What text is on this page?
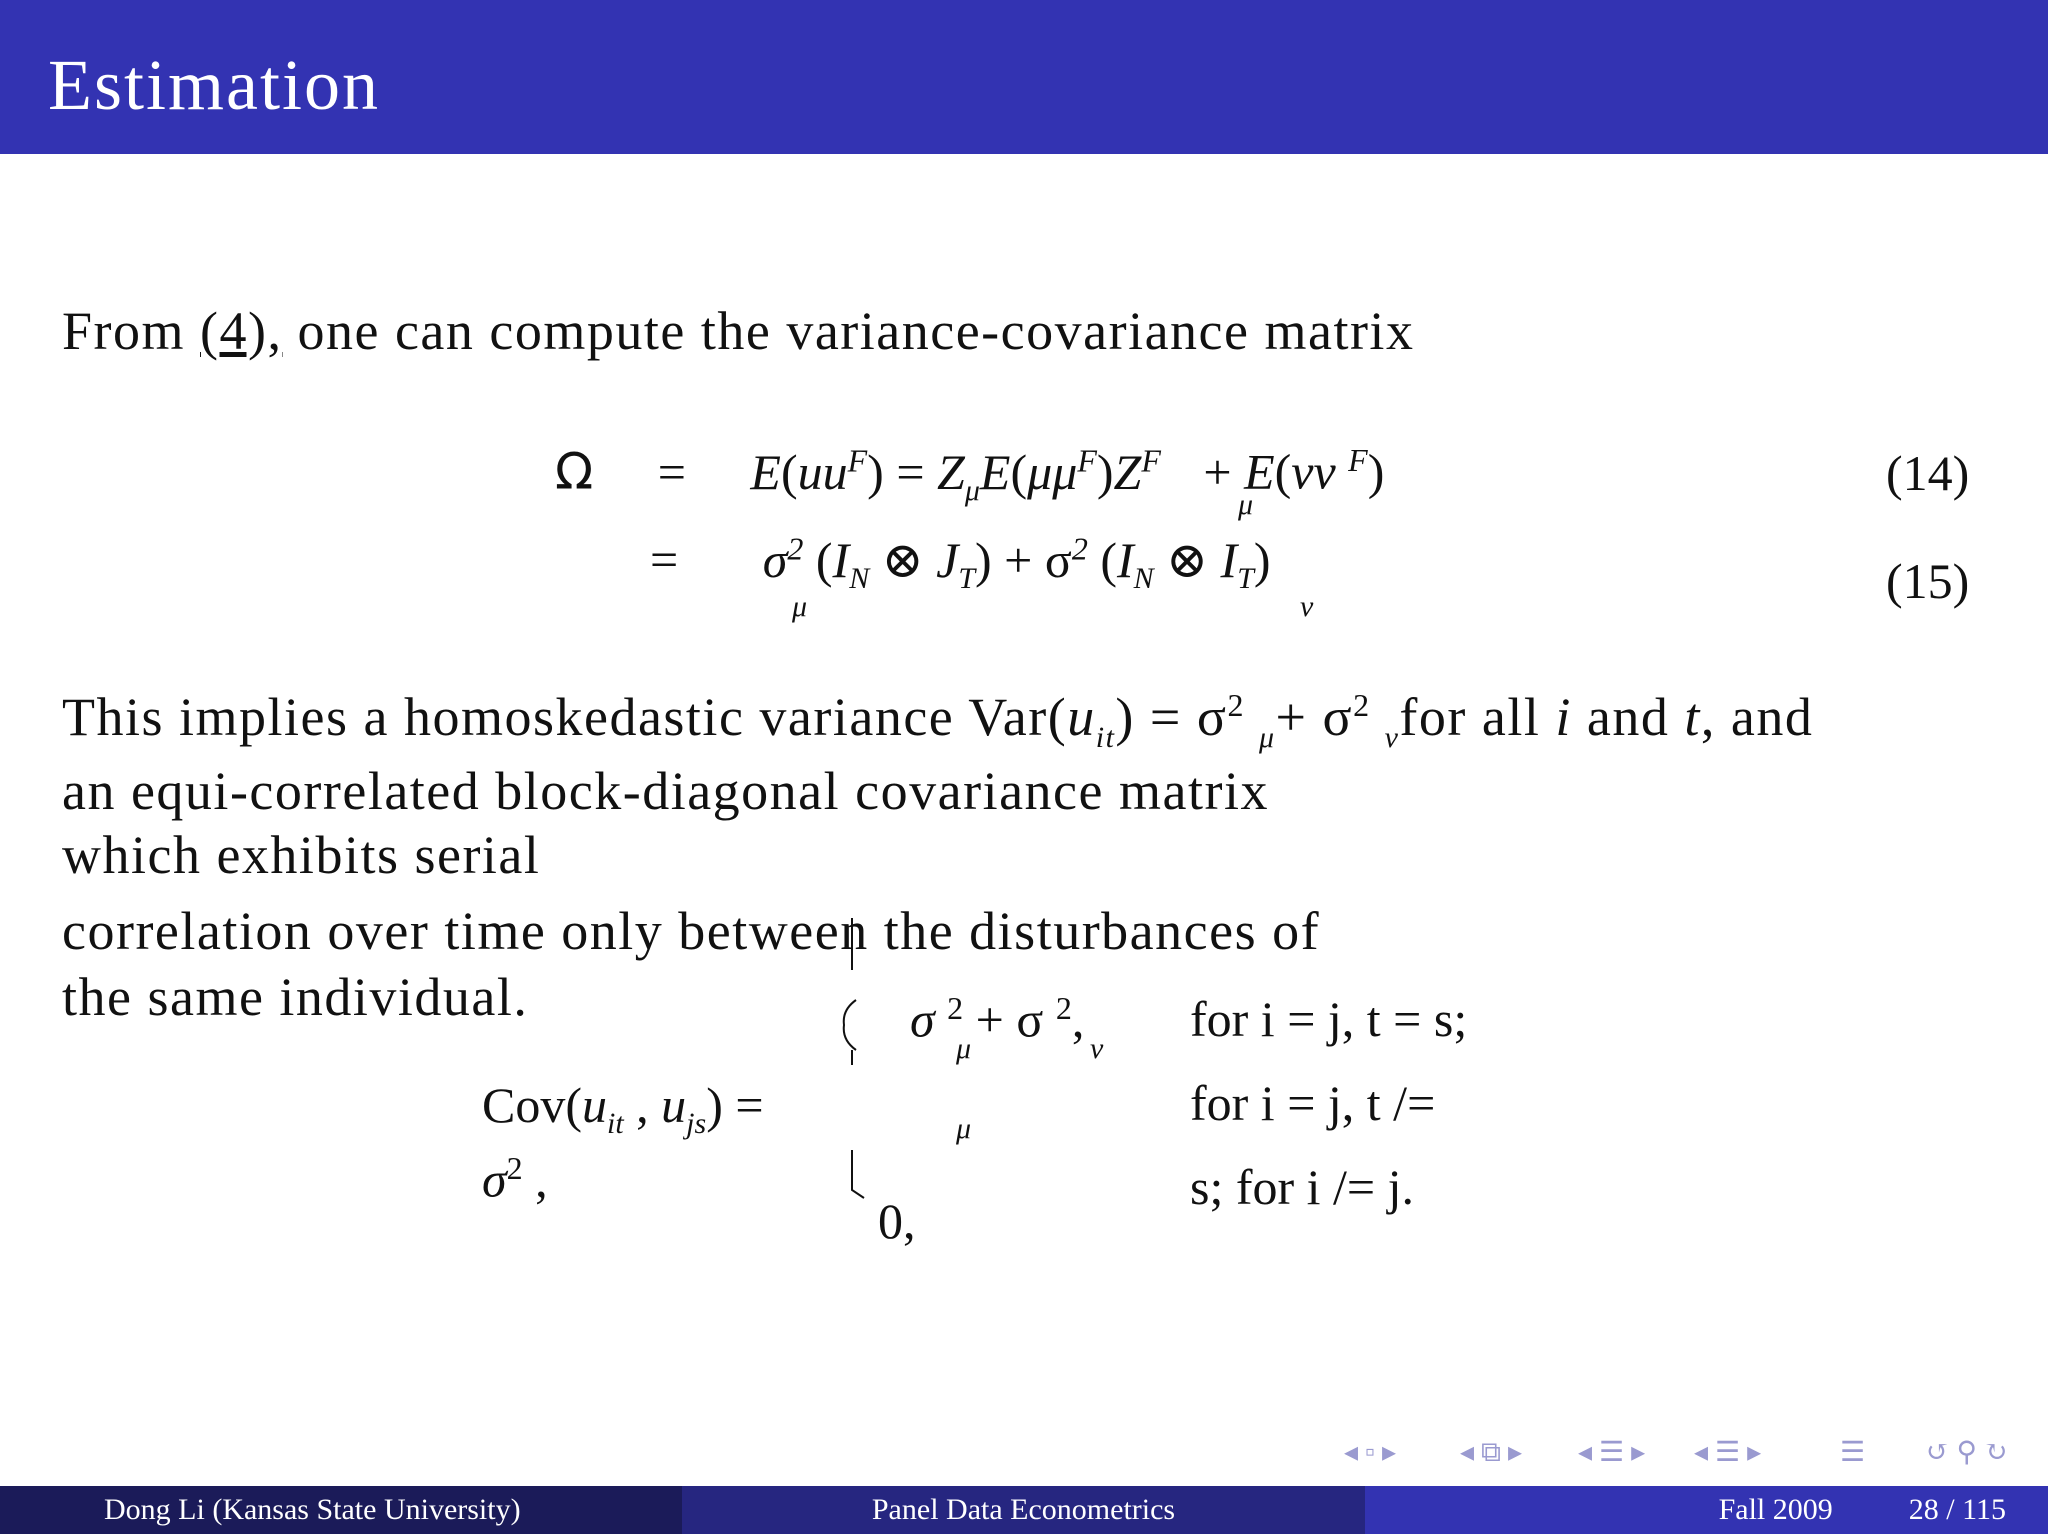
Estimation
From (4), one can compute the variance-covariance matrix
$\Omega = E(uu^F) = Z_\mu E(\mu\mu^F)Z^F + E(vv$ $^F$)
μ
(14)
= $\sigma^2$ ($I_N$ ⊗ $J_T) + \sigma^2$ ($I_N$ ⊗ $I_T$)
μ	ν	(15)
This implies a homoskedastic variance $Var(u_{it}) = \sigma^2_\mu+ \sigma^2_\nu for$ all i and t, and
an equi-correlated block-diagonal covariance matrix
which exhibits serial
correlation over time only between the disturbances of
the same individual.
$Cov(u_{it}$ , $u_{js}$) =
$\sigma^2$ ,
σ $^2$ + σ $^2$,
μ	ν
μ
0,
for i = j, t = s;
for i = j, t /=
s; for i /= j.
◂ ▫ ▸ ◂ ⧉ ▸ ◂ ☰ ▸ ◂ ☰ ▸	☰ ↺ ⚲ ↻
Dong Li (Kansas State University)	Panel Data Econometrics	Fall 2009	28 / 115
